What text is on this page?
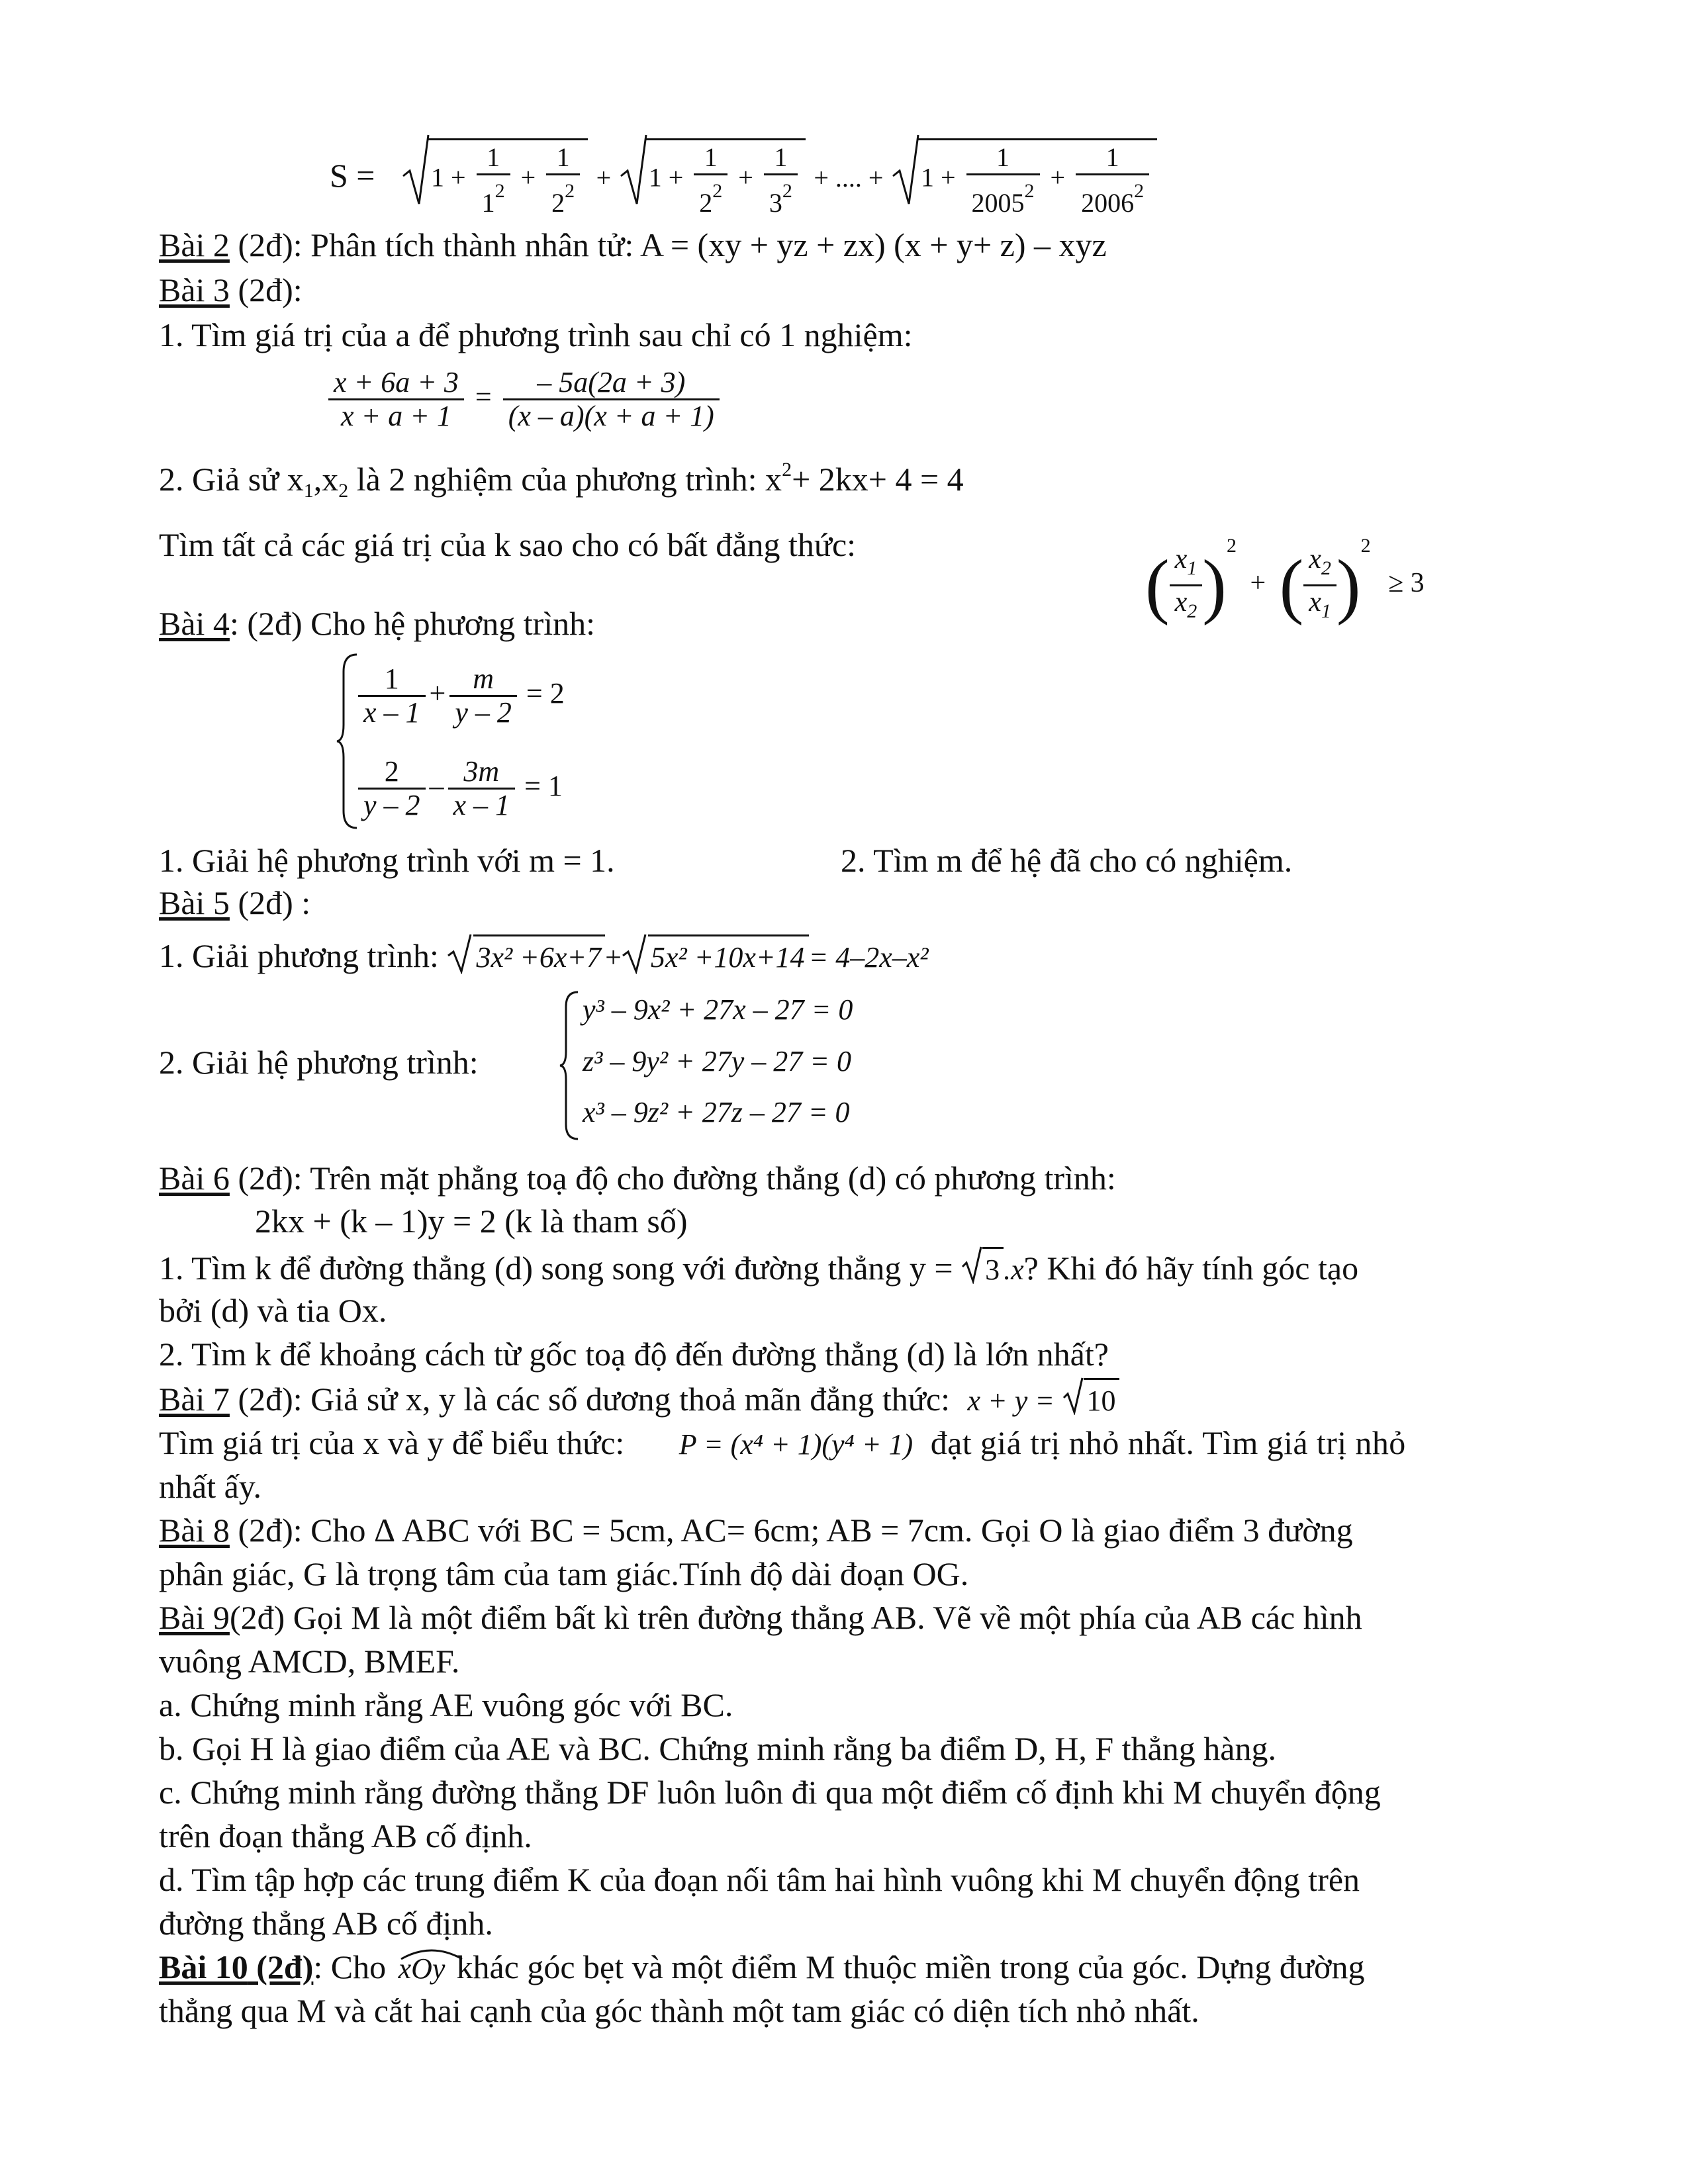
$S = 1 + \frac{1}{1^2} + \frac{1}{2^2} + 1 + \frac{1}{2^2} + \frac{1}{3^2}$ + .... + $1 + \frac{1}{2005^2} + \frac{1}{2006^2}$
Bài 2 (2đ): Phân tích thành nhân tử: A = (xy + yz + zx) (x + y+ z) – xyz
Bài 3 (2đ):
1. Tìm giá trị của a để phương trình sau chỉ có 1 nghiệm:
$\frac{x + 6a + 3}{x + a + 1} = \frac{- 5a(2a + 3)}{(x - a)(x + a + 1)}$
2. Giả sử $x_1,x_2$ là 2 nghiệm của phương trình: $x^2+ 2kx+ 4 = 4$
Tìm tất cả các giá trị của k sao cho có bất đẳng thức:
( $\frac{x_1}{x_2} )^2$ + ( $\frac{x_2}{x_1} )^2 \ge 3$
Bài 4: (2đ) Cho hệ phương trình:
$\frac{1}{x - 1} + \frac{m}{y - 2} = 2$
$\frac{2}{y - 2} - \frac{3m}{x - 1} = 1$
1. Giải hệ phương trình với m = 1.	2. Tìm m để hệ đã cho có nghiệm.
Bài 5 (2đ) :
1. Giải phương trình: 3x² +6x+7 + 5x² +10x+14 = 4–2x–x²
2. Giải hệ phương trình:
y³ – 9x² + 27x – 27 = 0
z³ – 9y² + 27y – 27 = 0
x³ – 9z² + 27z – 27 = 0
Bài 6 (2đ): Trên mặt phẳng toạ độ cho đường thẳng (d) có phương trình:
2kx + (k – 1)y = 2 (k là tham số)
1. Tìm k để đường thẳng (d) song song với đường thẳng y = 3 .x? Khi đó hãy tính góc tạo
bởi (d) và tia Ox.
2. Tìm k để khoảng cách từ gốc toạ độ đến đường thẳng (d) là lớn nhất?
Bài 7 (2đ): Giả sử x, y là các số dương thoả mãn đẳng thức: x + y = 10
Tìm giá trị của x và y để biểu thức: P = (x⁴ + 1)(y⁴ + 1) đạt giá trị nhỏ nhất. Tìm giá trị nhỏ
nhất ấy.
Bài 8 (2đ): Cho Δ ABC với BC = 5cm, AC= 6cm; AB = 7cm. Gọi O là giao điểm 3 đường
phân giác, G là trọng tâm của tam giác.Tính độ dài đoạn OG.
Bài 9(2đ) Gọi M là một điểm bất kì trên đường thẳng AB. Vẽ về một phía của AB các hình
vuông AMCD, BMEF.
a. Chứng minh rằng AE vuông góc với BC.
b. Gọi H là giao điểm của AE và BC. Chứng minh rằng ba điểm D, H, F thẳng hàng.
c. Chứng minh rằng đường thẳng DF luôn luôn đi qua một điểm cố định khi M chuyển động
trên đoạn thẳng AB cố định.
d. Tìm tập hợp các trung điểm K của đoạn nối tâm hai hình vuông khi M chuyển động trên
đường thẳng AB cố định.
Bài 10 (2đ): Cho xOy khác góc bẹt và một điểm M thuộc miền trong của góc. Dựng đường
thẳng qua M và cắt hai cạnh của góc thành một tam giác có diện tích nhỏ nhất.
